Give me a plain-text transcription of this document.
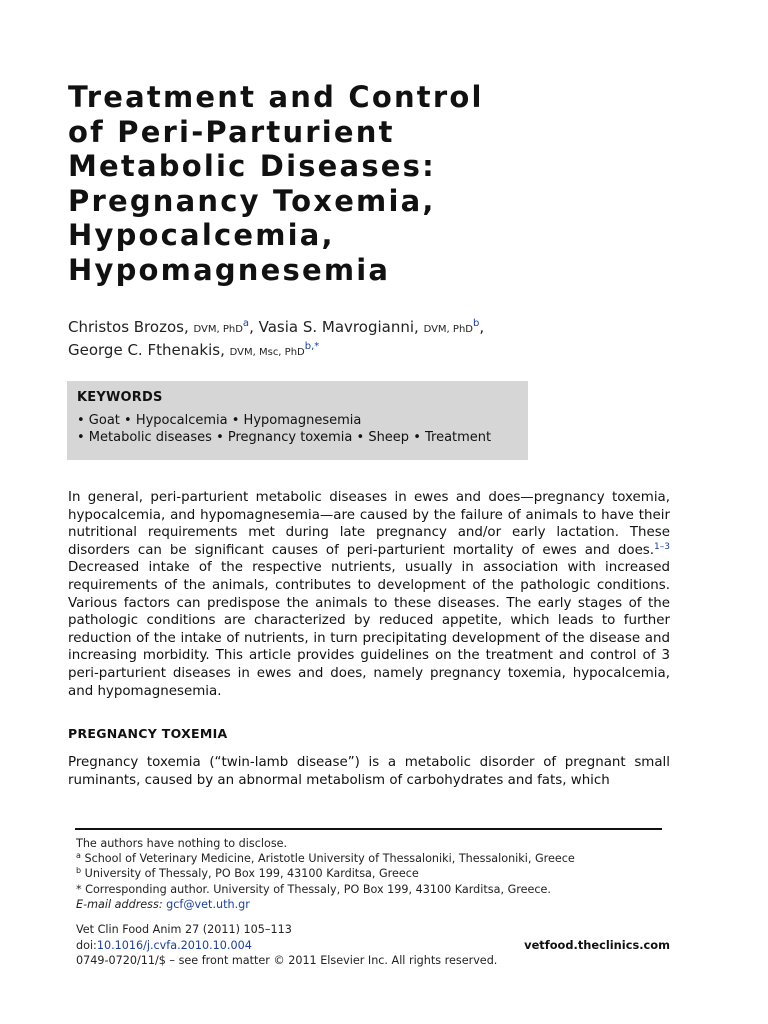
Treatment and Control
of Peri-Parturient
Metabolic Diseases:
Pregnancy Toxemia,
Hypocalcemia,
Hypomagnesemia
Christos Brozos, DVM, PhD$^a$, Vasia S. Mavrogianni, DVM, PhD$^b$,
George C. Fthenakis, DVM, Msc, PhD$^{b,*}$
KEYWORDS
• Goat • Hypocalcemia • Hypomagnesemia
• Metabolic diseases • Pregnancy toxemia • Sheep • Treatment

In general, peri-parturient metabolic diseases in ewes and does—pregnancy toxemia, hypocalcemia, and hypomagnesemia—are caused by the failure of animals to have their nutritional requirements met during late pregnancy and/or early lactation. These disorders can be significant causes of peri-parturient mortality of ewes and does.$^{1-3}$ Decreased intake of the respective nutrients, usually in association with increased requirements of the animals, contributes to development of the pathologic conditions. Various factors can predispose the animals to these diseases. The early stages of the pathologic conditions are characterized by reduced appetite, which leads to further reduction of the intake of nutrients, in turn precipitating development of the disease and increasing morbidity. This article provides guidelines on the treatment and control of 3 peri-parturient diseases in ewes and does, namely pregnancy toxemia, hypocalcemia, and hypomagnesemia.

PREGNANCY TOXEMIA

Pregnancy toxemia (“twin-lamb disease”) is a metabolic disorder of pregnant small ruminants, caused by an abnormal metabolism of carbohydrates and fats, which

The authors have nothing to disclose.
$^a$ School of Veterinary Medicine, Aristotle University of Thessaloniki, Thessaloniki, Greece
$^b$ University of Thessaly, PO Box 199, 43100 Karditsa, Greece
* Corresponding author. University of Thessaly, PO Box 199, 43100 Karditsa, Greece.
E-mail address: gcf@vet.uth.gr
Vet Clin Food Anim 27 (2011) 105–113
doi:10.1016/j.cvfa.2010.10.004	vetfood.theclinics.com
0749-0720/11/$ – see front matter © 2011 Elsevier Inc. All rights reserved.
